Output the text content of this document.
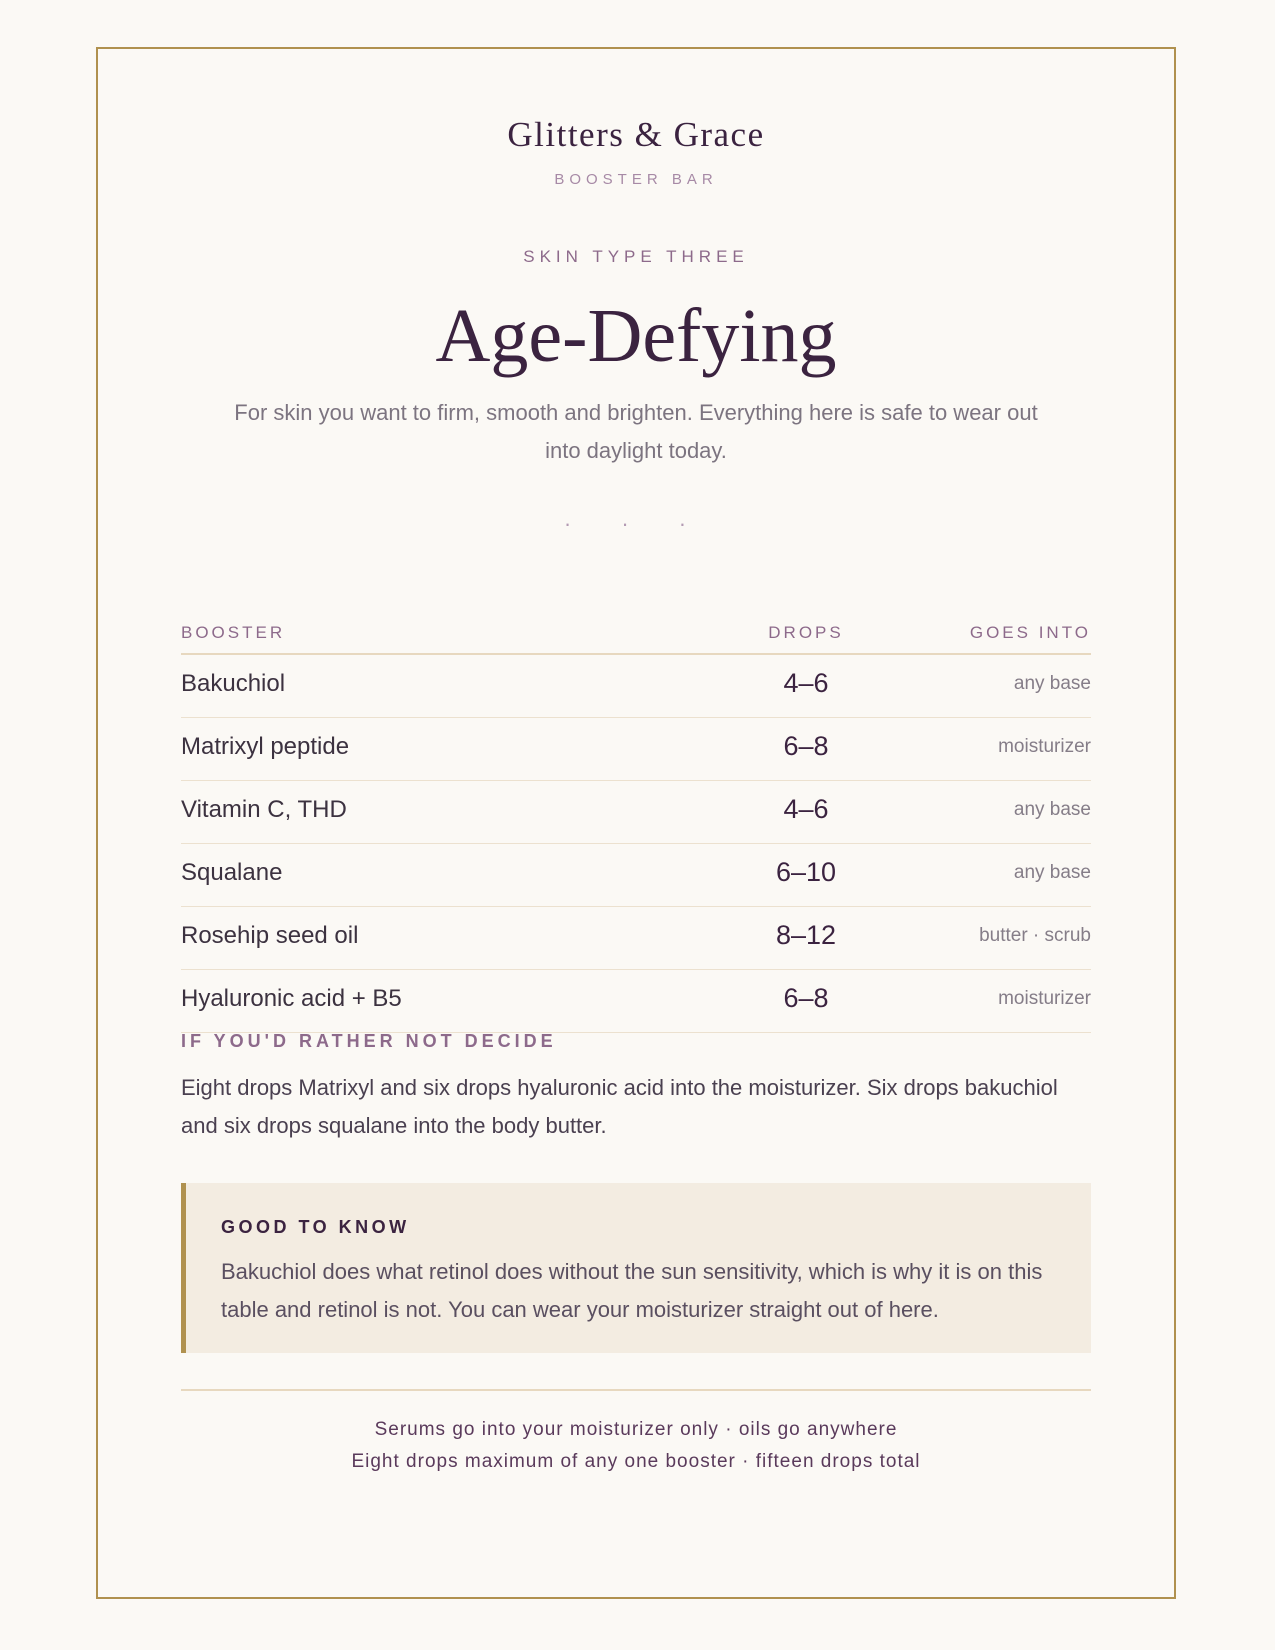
Glitters & Grace
BOOSTER BAR
SKIN TYPE THREE
Age-Defying
For skin you want to firm, smooth and brighten. Everything here is safe to wear out into daylight today.
· · ·
BOOSTER	DROPS	GOES INTO
Bakuchiol	4–6	any base
Matrixyl peptide	6–8	moisturizer
Vitamin C, THD	4–6	any base
Squalane	6–10	any base
Rosehip seed oil	8–12	butter · scrub
Hyaluronic acid + B5	6–8	moisturizer
IF YOU'D RATHER NOT DECIDE
Eight drops Matrixyl and six drops hyaluronic acid into the moisturizer. Six drops bakuchiol and six drops squalane into the body butter.
GOOD TO KNOW
Bakuchiol does what retinol does without the sun sensitivity, which is why it is on this table and retinol is not. You can wear your moisturizer straight out of here.
Serums go into your moisturizer only · oils go anywhere
Eight drops maximum of any one booster · fifteen drops total
